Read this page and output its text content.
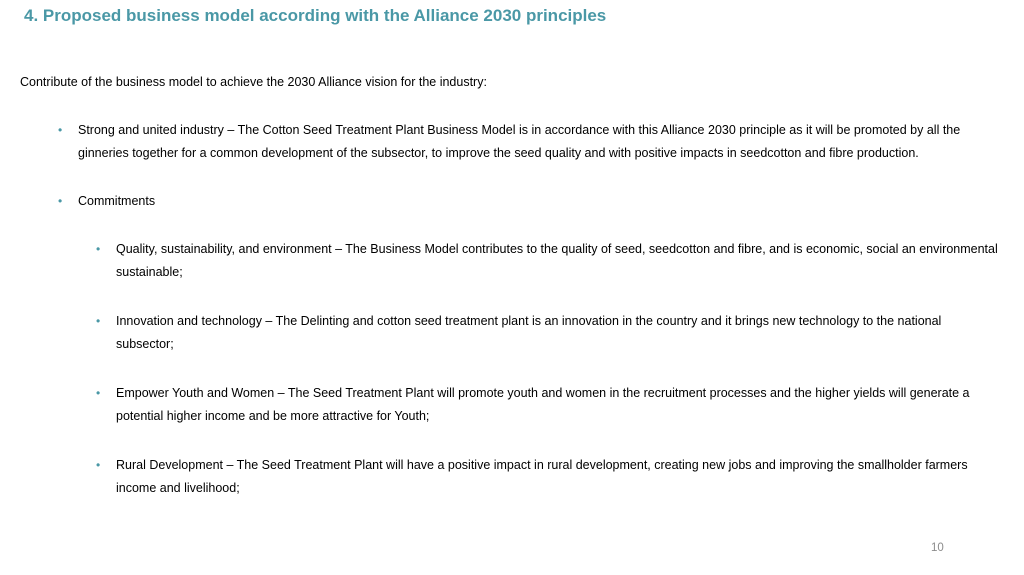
4. Proposed business model according with the Alliance 2030 principles

Contribute of the business model to achieve the 2030 Alliance vision for the industry:

• Strong and united industry – The Cotton Seed Treatment Plant Business Model is in accordance with this Alliance 2030 principle as it will be promoted by all the ginneries together for a common development of the subsector, to improve the seed quality and with positive impacts in seedcotton and fibre production.
• Commitments
• Quality, sustainability, and environment – The Business Model contributes to the quality of seed, seedcotton and fibre, and is economic, social an environmental sustainable;
• Innovation and technology – The Delinting and cotton seed treatment plant is an innovation in the country and it brings new technology to the national subsector;
• Empower Youth and Women – The Seed Treatment Plant will promote youth and women in the recruitment processes and the higher yields will generate a potential higher income and be more attractive for Youth;
• Rural Development – The Seed Treatment Plant will have a positive impact in rural development, creating new jobs and improving the smallholder farmers income and livelihood;
10
